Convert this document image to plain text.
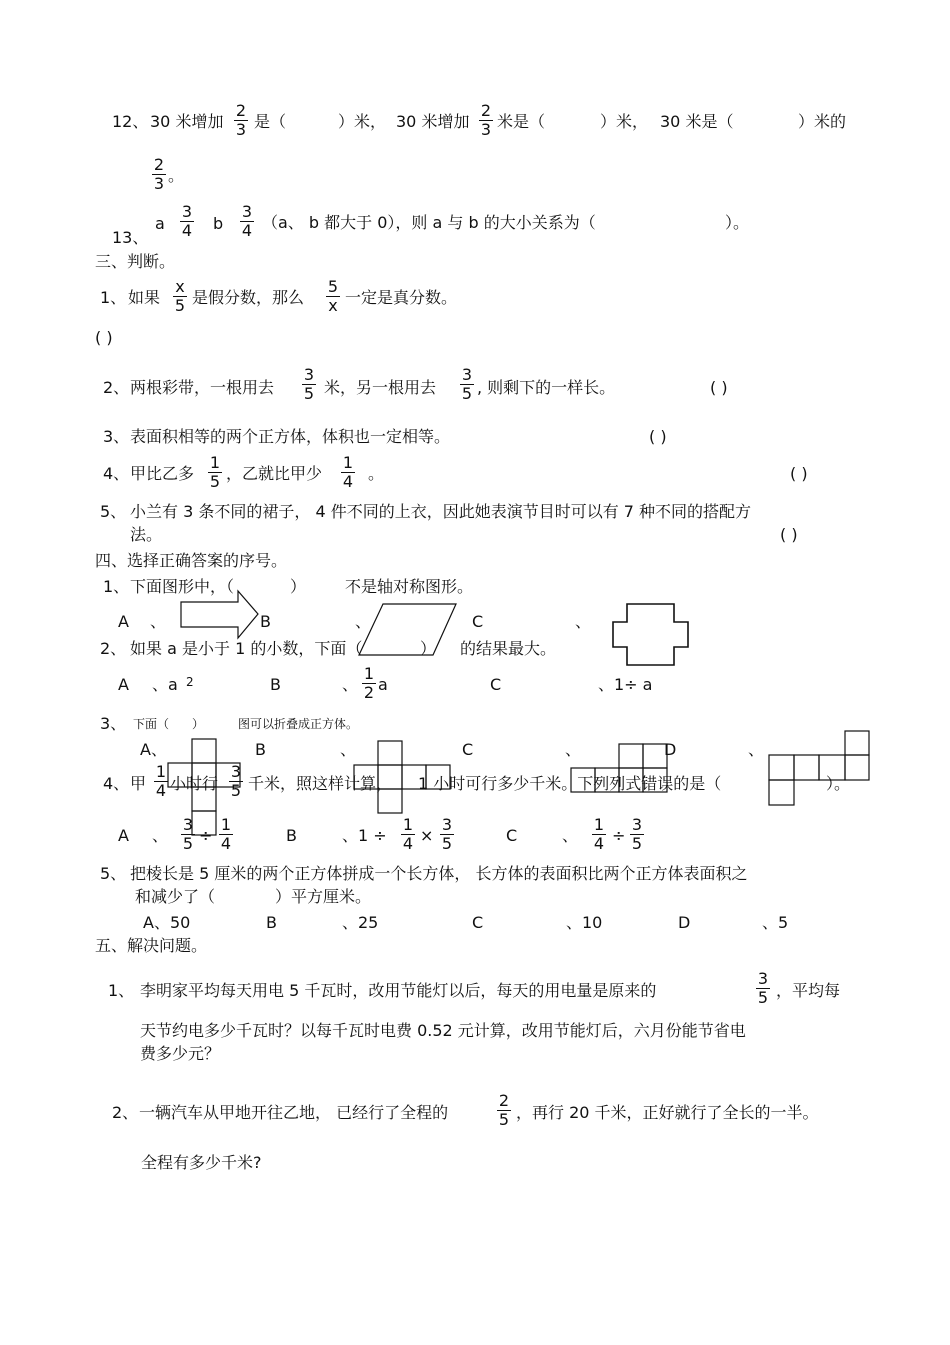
12、 30 米增加
2
3 是（	）米， 30 米增加
2
3 米是（	）米， 30 米是（	）米的
2
3 。
13、
a
3
4 b
3
4 （a、 b 都大于 0），则 a 与 b 的大小关系为（	）。
三、判断。
1、 如果
x
5 是假分数，那么
5
x 一定是真分数。
( )
2、 两根彩带，一根用去
3
5 米，另一根用去
3
5 , 则剩下的一样长。	( )
3、 表面积相等的两个正方体，体积也一定相等。	( )
4、 甲比乙多
1
5 ，乙就比甲少
1
4 。	( )
5、 小兰有 3 条不同的裙子， 4 件不同的上衣，因此她表演节目时可以有 7 种不同的搭配方
法。	( )
四、选择正确答案的序号。
1、 下面图形中，（	） 不是轴对称图形。
A 、	B	、	C	、
2、 如果 a 是小于 1 的小数，下面（	） 的结果最大。
A 、a 2	B	、
1
2 a	C	、1÷ a
3、 下面（ ）	图可以折叠成正方体。
A、	B	、	C	、	D	、
4、 甲
1
4 小时行
3
5 千米，照这样计算， 1 小时可行多少千米。下列列式错误的是（	）。
A 、
3
5 ÷
1
4	B	、1 ÷
1
4 ×
3
5	C	、
1
4 ÷
3
5
5、 把棱长是 5 厘米的两个正方体拼成一个长方体， 长方体的表面积比两个正方体表面积之
和减少了（	）平方厘米。
A、50	B	、25	C	、10	D	、5
五、解决问题。
1、 李明家平均每天用电 5 千瓦时，改用节能灯以后，每天的用电量是原来的
3
5 ，平均每
天节约电多少千瓦时？以每千瓦时电费 0.52 元计算，改用节能灯后，六月份能节省电
费多少元？
2、 一辆汽车从甲地开往乙地， 已经行了全程的
2
5 ，再行 20 千米，正好就行了全长的一半。
全程有多少千米?
